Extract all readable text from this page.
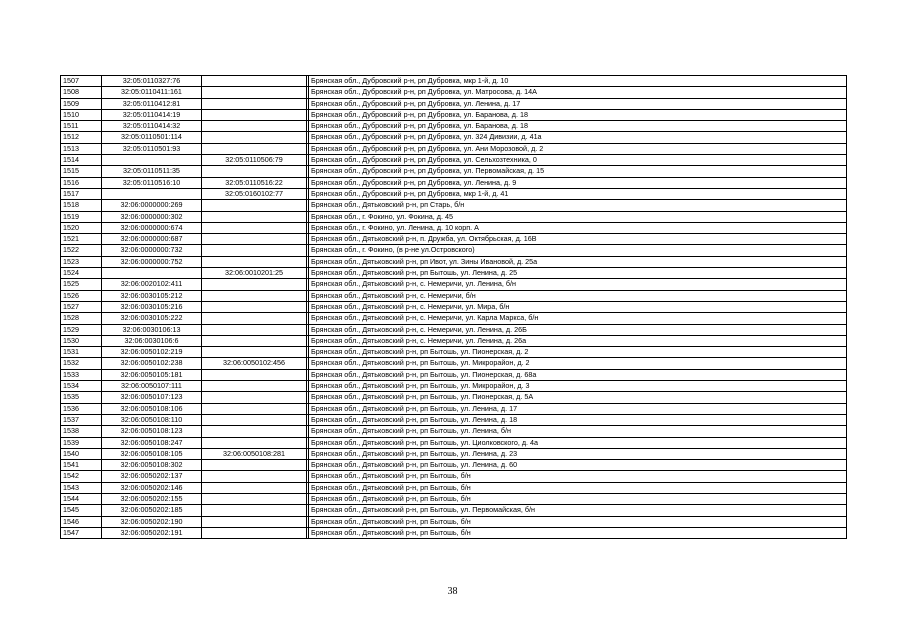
1507	32:05:0110327:76			Брянская обл., Дубровский р-н, рп Дубровка, мкр 1-й, д. 10
1508	32:05:0110411:161			Брянская обл., Дубровский р-н, рп Дубровка, ул. Матросова, д. 14А
1509	32:05:0110412:81			Брянская обл., Дубровский р-н, рп Дубровка, ул. Ленина, д. 17
1510	32:05:0110414:19			Брянская обл., Дубровский р-н, рп Дубровка, ул. Баранова, д. 18
1511	32:05:0110414:32			Брянская обл., Дубровский р-н, рп Дубровка, ул. Баранова, д. 18
1512	32:05:0110501:114			Брянская обл., Дубровский р-н, рп Дубровка, ул. 324 Дивизии, д. 41а
1513	32:05:0110501:93			Брянская обл., Дубровский р-н, рп Дубровка, ул. Ани Морозовой, д. 2
1514		32:05:0110506:79		Брянская обл., Дубровский р-н, рп Дубровка, ул. Сельхозтехника, 0
1515	32:05:0110511:35			Брянская обл., Дубровский р-н, рп Дубровка, ул. Первомайская, д. 15
1516	32:05:0110516:10	32:05:0110516:22		Брянская обл., Дубровский р-н, рп Дубровка, ул. Ленина, д. 9
1517		32:05:0160102:77		Брянская обл., Дубровский р-н, рп Дубровка, мкр 1-й, д. 41
1518	32:06:0000000:269			Брянская обл., Дятьковский р-н, рп Старь, б/н
1519	32:06:0000000:302			Брянская обл., г. Фокино, ул. Фокина, д. 45
1520	32:06:0000000:674			Брянская обл., г. Фокино, ул. Ленина, д. 10 корп. А
1521	32:06:0000000:687			Брянская обл., Дятьковский р-н, п. Дружба, ул. Октябрьская, д. 16В
1522	32:06:0000000:732			Брянская обл., г. Фокино, (в р-не ул.Островского)
1523	32:06:0000000:752			Брянская обл., Дятьковский р-н, рп Ивот, ул. Зины Ивановой, д. 25а
1524		32:06:0010201:25		Брянская обл., Дятьковский р-н, рп Бытошь, ул. Ленина, д. 25
1525	32:06:0020102:411			Брянская обл., Дятьковский р-н, с. Немеричи, ул. Ленина, б/н
1526	32:06:0030105:212			Брянская обл., Дятьковский р-н, с. Немеричи, б/н
1527	32:06:0030105:216			Брянская обл., Дятьковский р-н, с. Немеричи, ул. Мира, б/н
1528	32:06:0030105:222			Брянская обл., Дятьковский р-н, с. Немеричи, ул. Карла Маркса, б/н
1529	32:06:0030106:13			Брянская обл., Дятьковский р-н, с. Немеричи, ул. Ленина, д. 26Б
1530	32:06:0030106:6			Брянская обл., Дятьковский р-н, с. Немеричи, ул. Ленина, д. 26а
1531	32:06:0050102:219			Брянская обл., Дятьковский р-н, рп Бытошь, ул. Пионерская, д. 2
1532	32:06:0050102:238	32:06:0050102:456		Брянская обл., Дятьковский р-н, рп Бытошь, ул. Микрорайон, д. 2
1533	32:06:0050105:181			Брянская обл., Дятьковский р-н, рп Бытошь, ул. Пионерская, д. 68а
1534	32:06:0050107:111			Брянская обл., Дятьковский р-н, рп Бытошь, ул. Микрорайон, д. 3
1535	32:06:0050107:123			Брянская обл., Дятьковский р-н, рп Бытошь, ул. Пионерская, д. 5А
1536	32:06:0050108:106			Брянская обл., Дятьковский р-н, рп Бытошь, ул. Ленина, д. 17
1537	32:06:0050108:110			Брянская обл., Дятьковский р-н, рп Бытошь, ул. Ленина, д. 18
1538	32:06:0050108:123			Брянская обл., Дятьковский р-н, рп Бытошь, ул. Ленина, б/н
1539	32:06:0050108:247			Брянская обл., Дятьковский р-н, рп Бытошь, ул. Циолковского, д. 4а
1540	32:06:0050108:105	32:06:0050108:281		Брянская обл., Дятьковский р-н, рп Бытошь, ул. Ленина, д. 23
1541	32:06:0050108:302			Брянская обл., Дятьковский р-н, рп Бытошь, ул. Ленина, д. 60
1542	32:06:0050202:137			Брянская обл., Дятьковский р-н, рп Бытошь, б/н
1543	32:06:0050202:146			Брянская обл., Дятьковский р-н, рп Бытошь, б/н
1544	32:06:0050202:155			Брянская обл., Дятьковский р-н, рп Бытошь, б/н
1545	32:06:0050202:185			Брянская обл., Дятьковский р-н, рп Бытошь, ул. Первомайская, б/н
1546	32:06:0050202:190			Брянская обл., Дятьковский р-н, рп Бытошь, б/н
1547	32:06:0050202:191			Брянская обл., Дятьковский р-н, рп Бытошь, б/н
38
